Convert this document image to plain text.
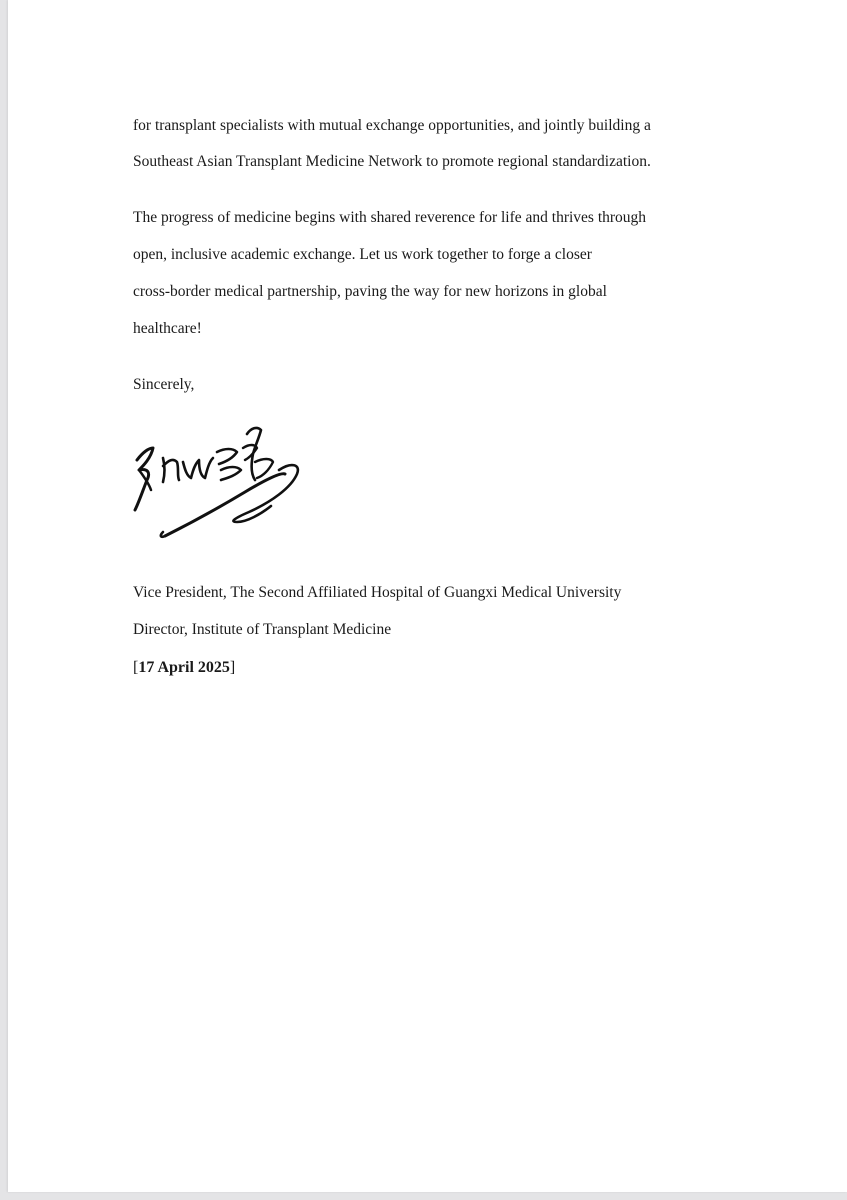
for transplant specialists with mutual exchange opportunities, and jointly building a
Southeast Asian Transplant Medicine Network to promote regional standardization.
The progress of medicine begins with shared reverence for life and thrives through
open, inclusive academic exchange. Let us work together to forge a closer
cross-border medical partnership, paving the way for new horizons in global
healthcare!
Sincerely,
Vice President, The Second Affiliated Hospital of Guangxi Medical University
Director, Institute of Transplant Medicine
[17 April 2025]
